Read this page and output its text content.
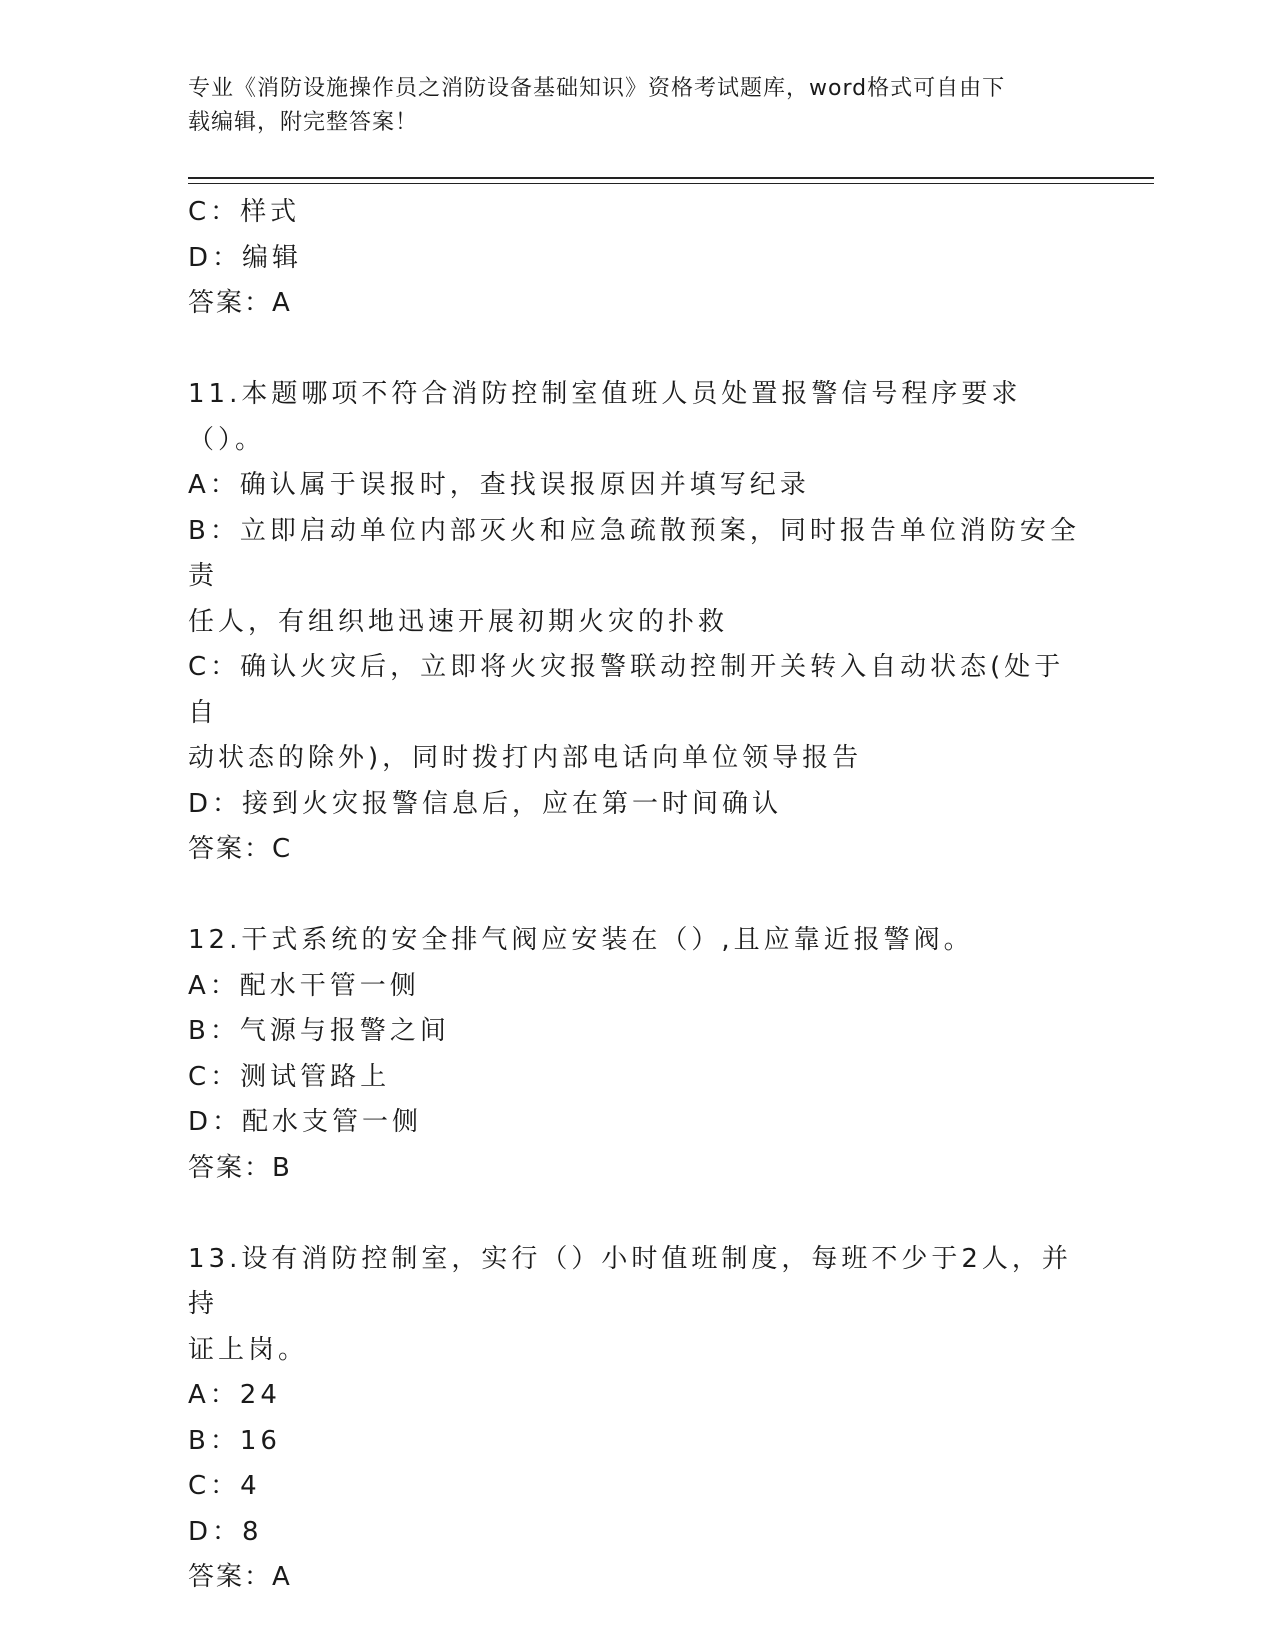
专业《消防设施操作员之消防设备基础知识》资格考试题库，word格式可自由下
载编辑，附完整答案！
C：样式
D：编辑
答案：A
11.本题哪项不符合消防控制室值班人员处置报警信号程序要求（）。
A：确认属于误报时，查找误报原因并填写纪录
B：立即启动单位内部灭火和应急疏散预案，同时报告单位消防安全责
任人，有组织地迅速开展初期火灾的扑救
C：确认火灾后，立即将火灾报警联动控制开关转入自动状态(处于自
动状态的除外)，同时拨打内部电话向单位领导报告
D：接到火灾报警信息后，应在第一时间确认
答案：C
12.干式系统的安全排气阀应安装在（）,且应靠近报警阀。
A：配水干管一侧
B：气源与报警之间
C：测试管路上
D：配水支管一侧
答案：B
13.设有消防控制室，实行（）小时值班制度，每班不少于2人，并持
证上岗。
A：24
B：16
C：4
D：8
答案：A
